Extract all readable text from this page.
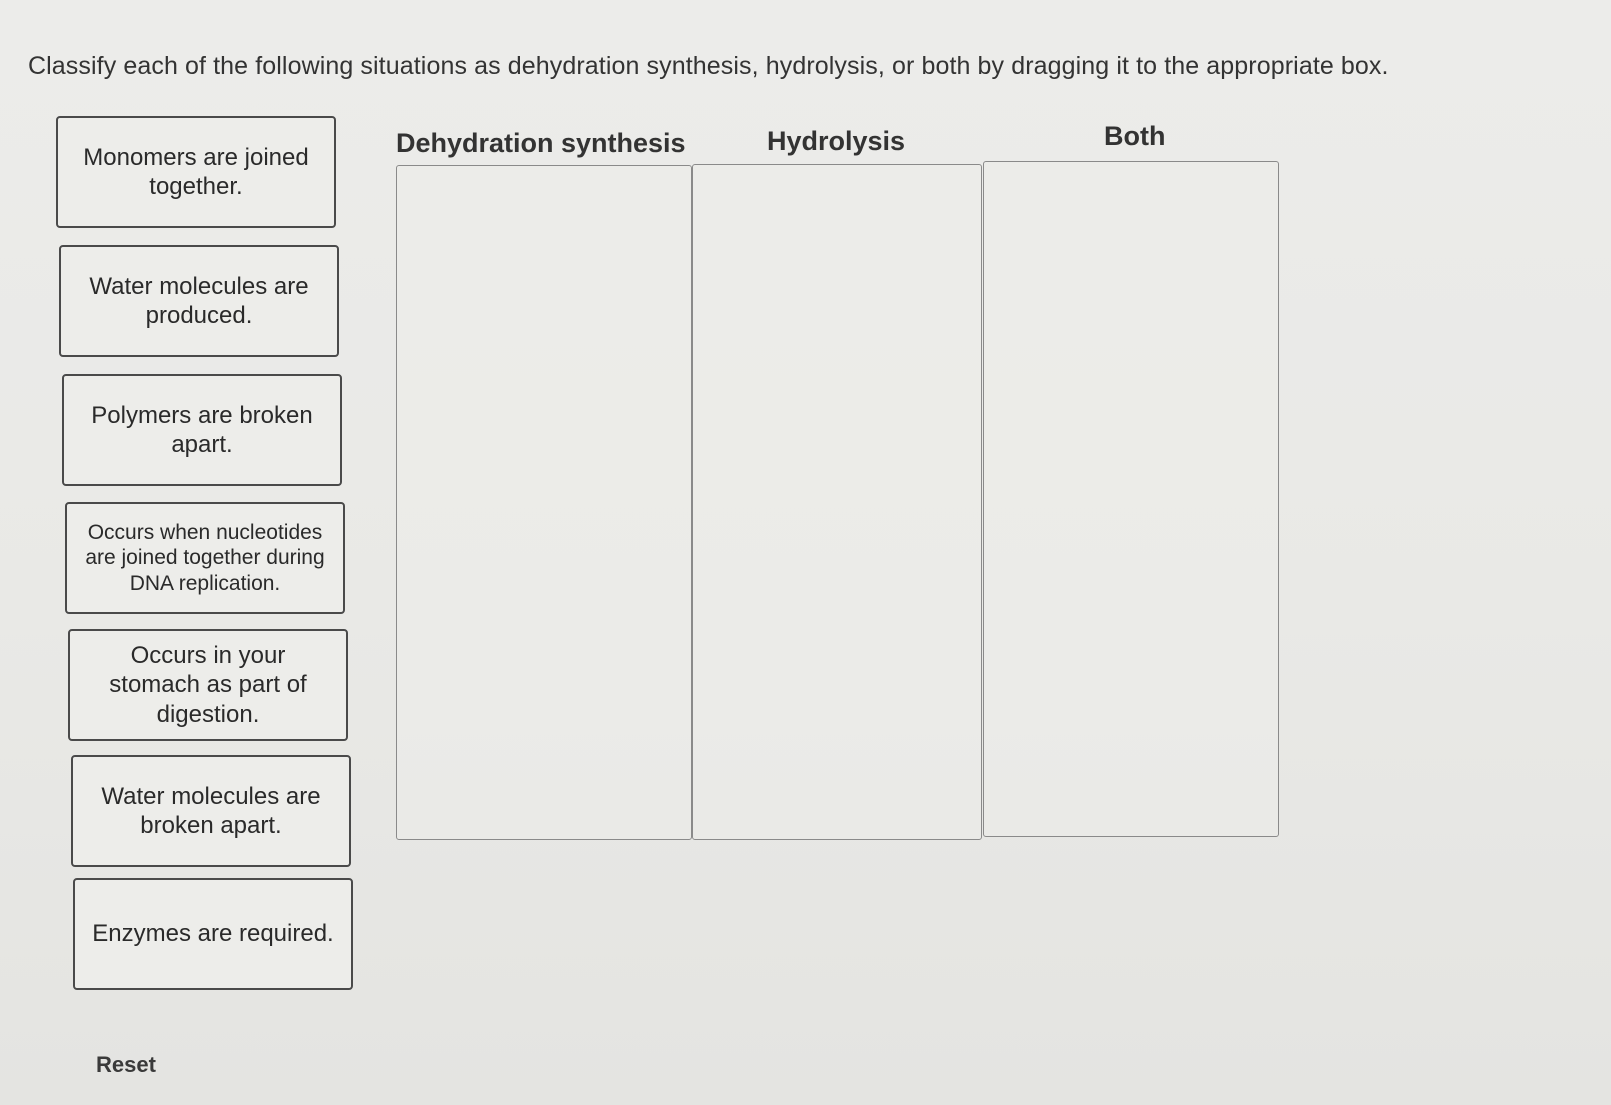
Classify each of the following situations as dehydration synthesis, hydrolysis, or both by dragging it to the appropriate box.
Monomers are joined together.
Water molecules are produced.
Polymers are broken apart.
Occurs when nucleotides are joined together during DNA replication.
Occurs in your stomach as part of digestion.
Water molecules are broken apart.
Enzymes are required.
Reset
Dehydration synthesis	Hydrolysis	Both
